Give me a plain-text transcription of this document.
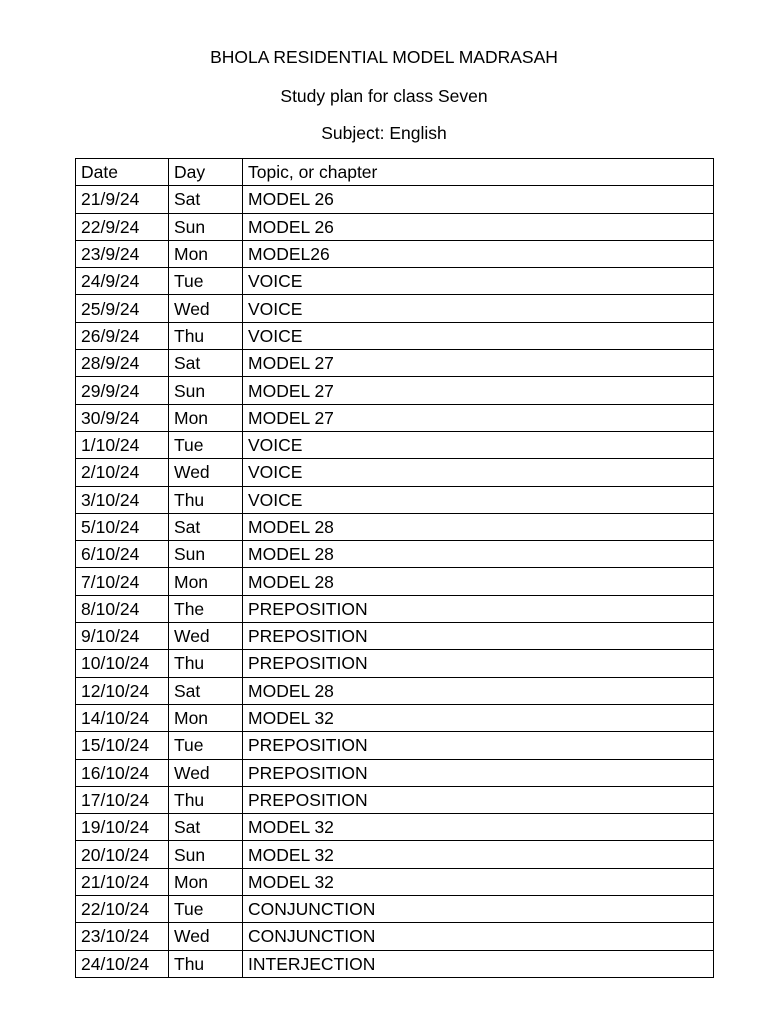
BHOLA RESIDENTIAL MODEL MADRASAH
Study plan for class Seven
Subject: English
Date	Day	Topic, or chapter
21/9/24	Sat	MODEL 26
22/9/24	Sun	MODEL 26
23/9/24	Mon	MODEL26
24/9/24	Tue	VOICE
25/9/24	Wed	VOICE
26/9/24	Thu	VOICE
28/9/24	Sat	MODEL 27
29/9/24	Sun	MODEL 27
30/9/24	Mon	MODEL 27
1/10/24	Tue	VOICE
2/10/24	Wed	VOICE
3/10/24	Thu	VOICE
5/10/24	Sat	MODEL 28
6/10/24	Sun	MODEL 28
7/10/24	Mon	MODEL 28
8/10/24	The	PREPOSITION
9/10/24	Wed	PREPOSITION
10/10/24	Thu	PREPOSITION
12/10/24	Sat	MODEL 28
14/10/24	Mon	MODEL 32
15/10/24	Tue	PREPOSITION
16/10/24	Wed	PREPOSITION
17/10/24	Thu	PREPOSITION
19/10/24	Sat	MODEL 32
20/10/24	Sun	MODEL 32
21/10/24	Mon	MODEL 32
22/10/24	Tue	CONJUNCTION
23/10/24	Wed	CONJUNCTION
24/10/24	Thu	INTERJECTION
